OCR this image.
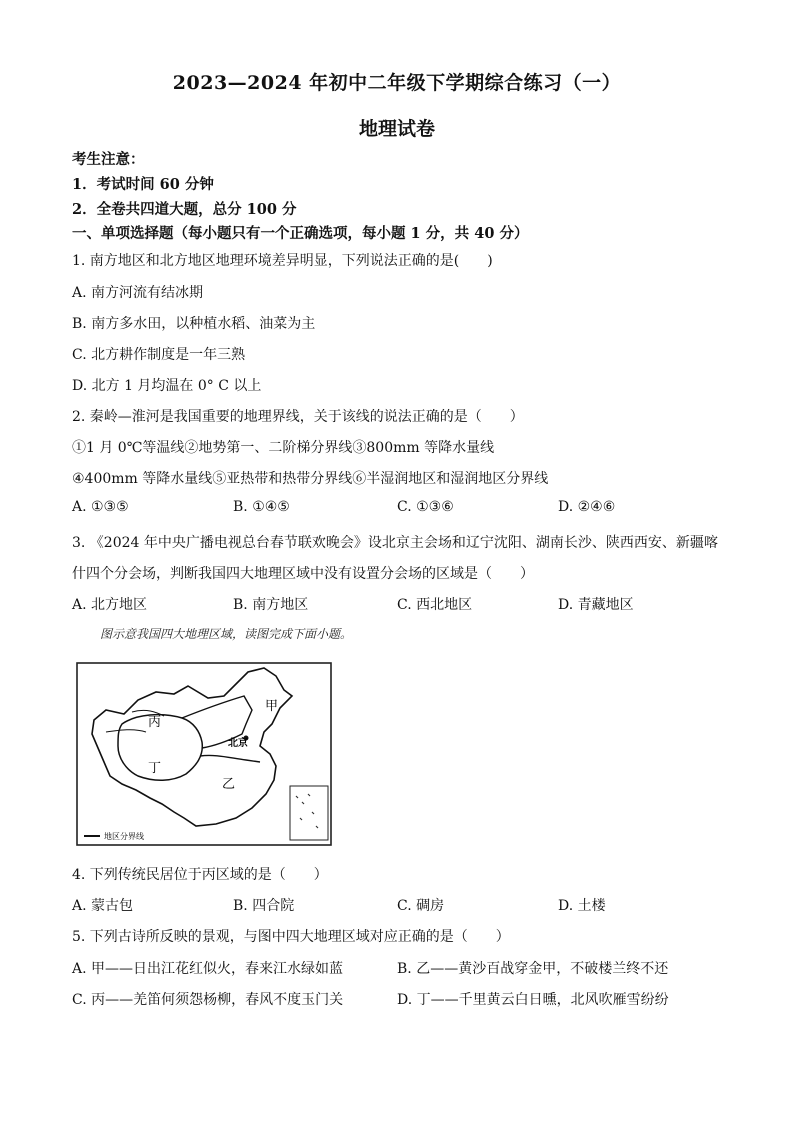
2023—2024 年初中二年级下学期综合练习（一）
地理试卷
考生注意：
1．考试时间 60 分钟
2．全卷共四道大题，总分 100 分
一、单项选择题（每小题只有一个正确选项，每小题 1 分，共 40 分）
1. 南方地区和北方地区地理环境差异明显，下列说法正确的是(　　)
A. 南方河流有结冰期
B. 南方多水田，以种植水稻、油菜为主
C. 北方耕作制度是一年三熟
D. 北方 1 月均温在 0° C 以上
2. 秦岭—淮河是我国重要的地理界线，关于该线的说法正确的是（　　）
①1 月 0℃等温线②地势第一、二阶梯分界线③800mm 等降水量线
④400mm 等降水量线⑤亚热带和热带分界线⑥半湿润地区和湿润地区分界线
A. ①③⑤	B. ①④⑤	C. ①③⑥	D. ②④⑥
3. 《2024 年中央广播电视总台春节联欢晚会》设北京主会场和辽宁沈阳、湖南长沙、陕西西安、新疆喀
什四个分会场，判断我国四大地理区域中没有设置分会场的区域是（　　）
A. 北方地区	B. 南方地区	C. 西北地区	D. 青藏地区
图示意我国四大地理区域，读图完成下面小题。
甲
丙
丁
乙
北京
地区分界线
4. 下列传统民居位于丙区域的是（　　）
A. 蒙古包	B. 四合院	C. 碉房	D. 土楼
5. 下列古诗所反映的景观，与图中四大地理区域对应正确的是（　　）
A. 甲——日出江花红似火，春来江水绿如蓝	B. 乙——黄沙百战穿金甲，不破楼兰终不还
C. 丙——羌笛何须怨杨柳，春风不度玉门关	D. 丁——千里黄云白日曛，北风吹雁雪纷纷
